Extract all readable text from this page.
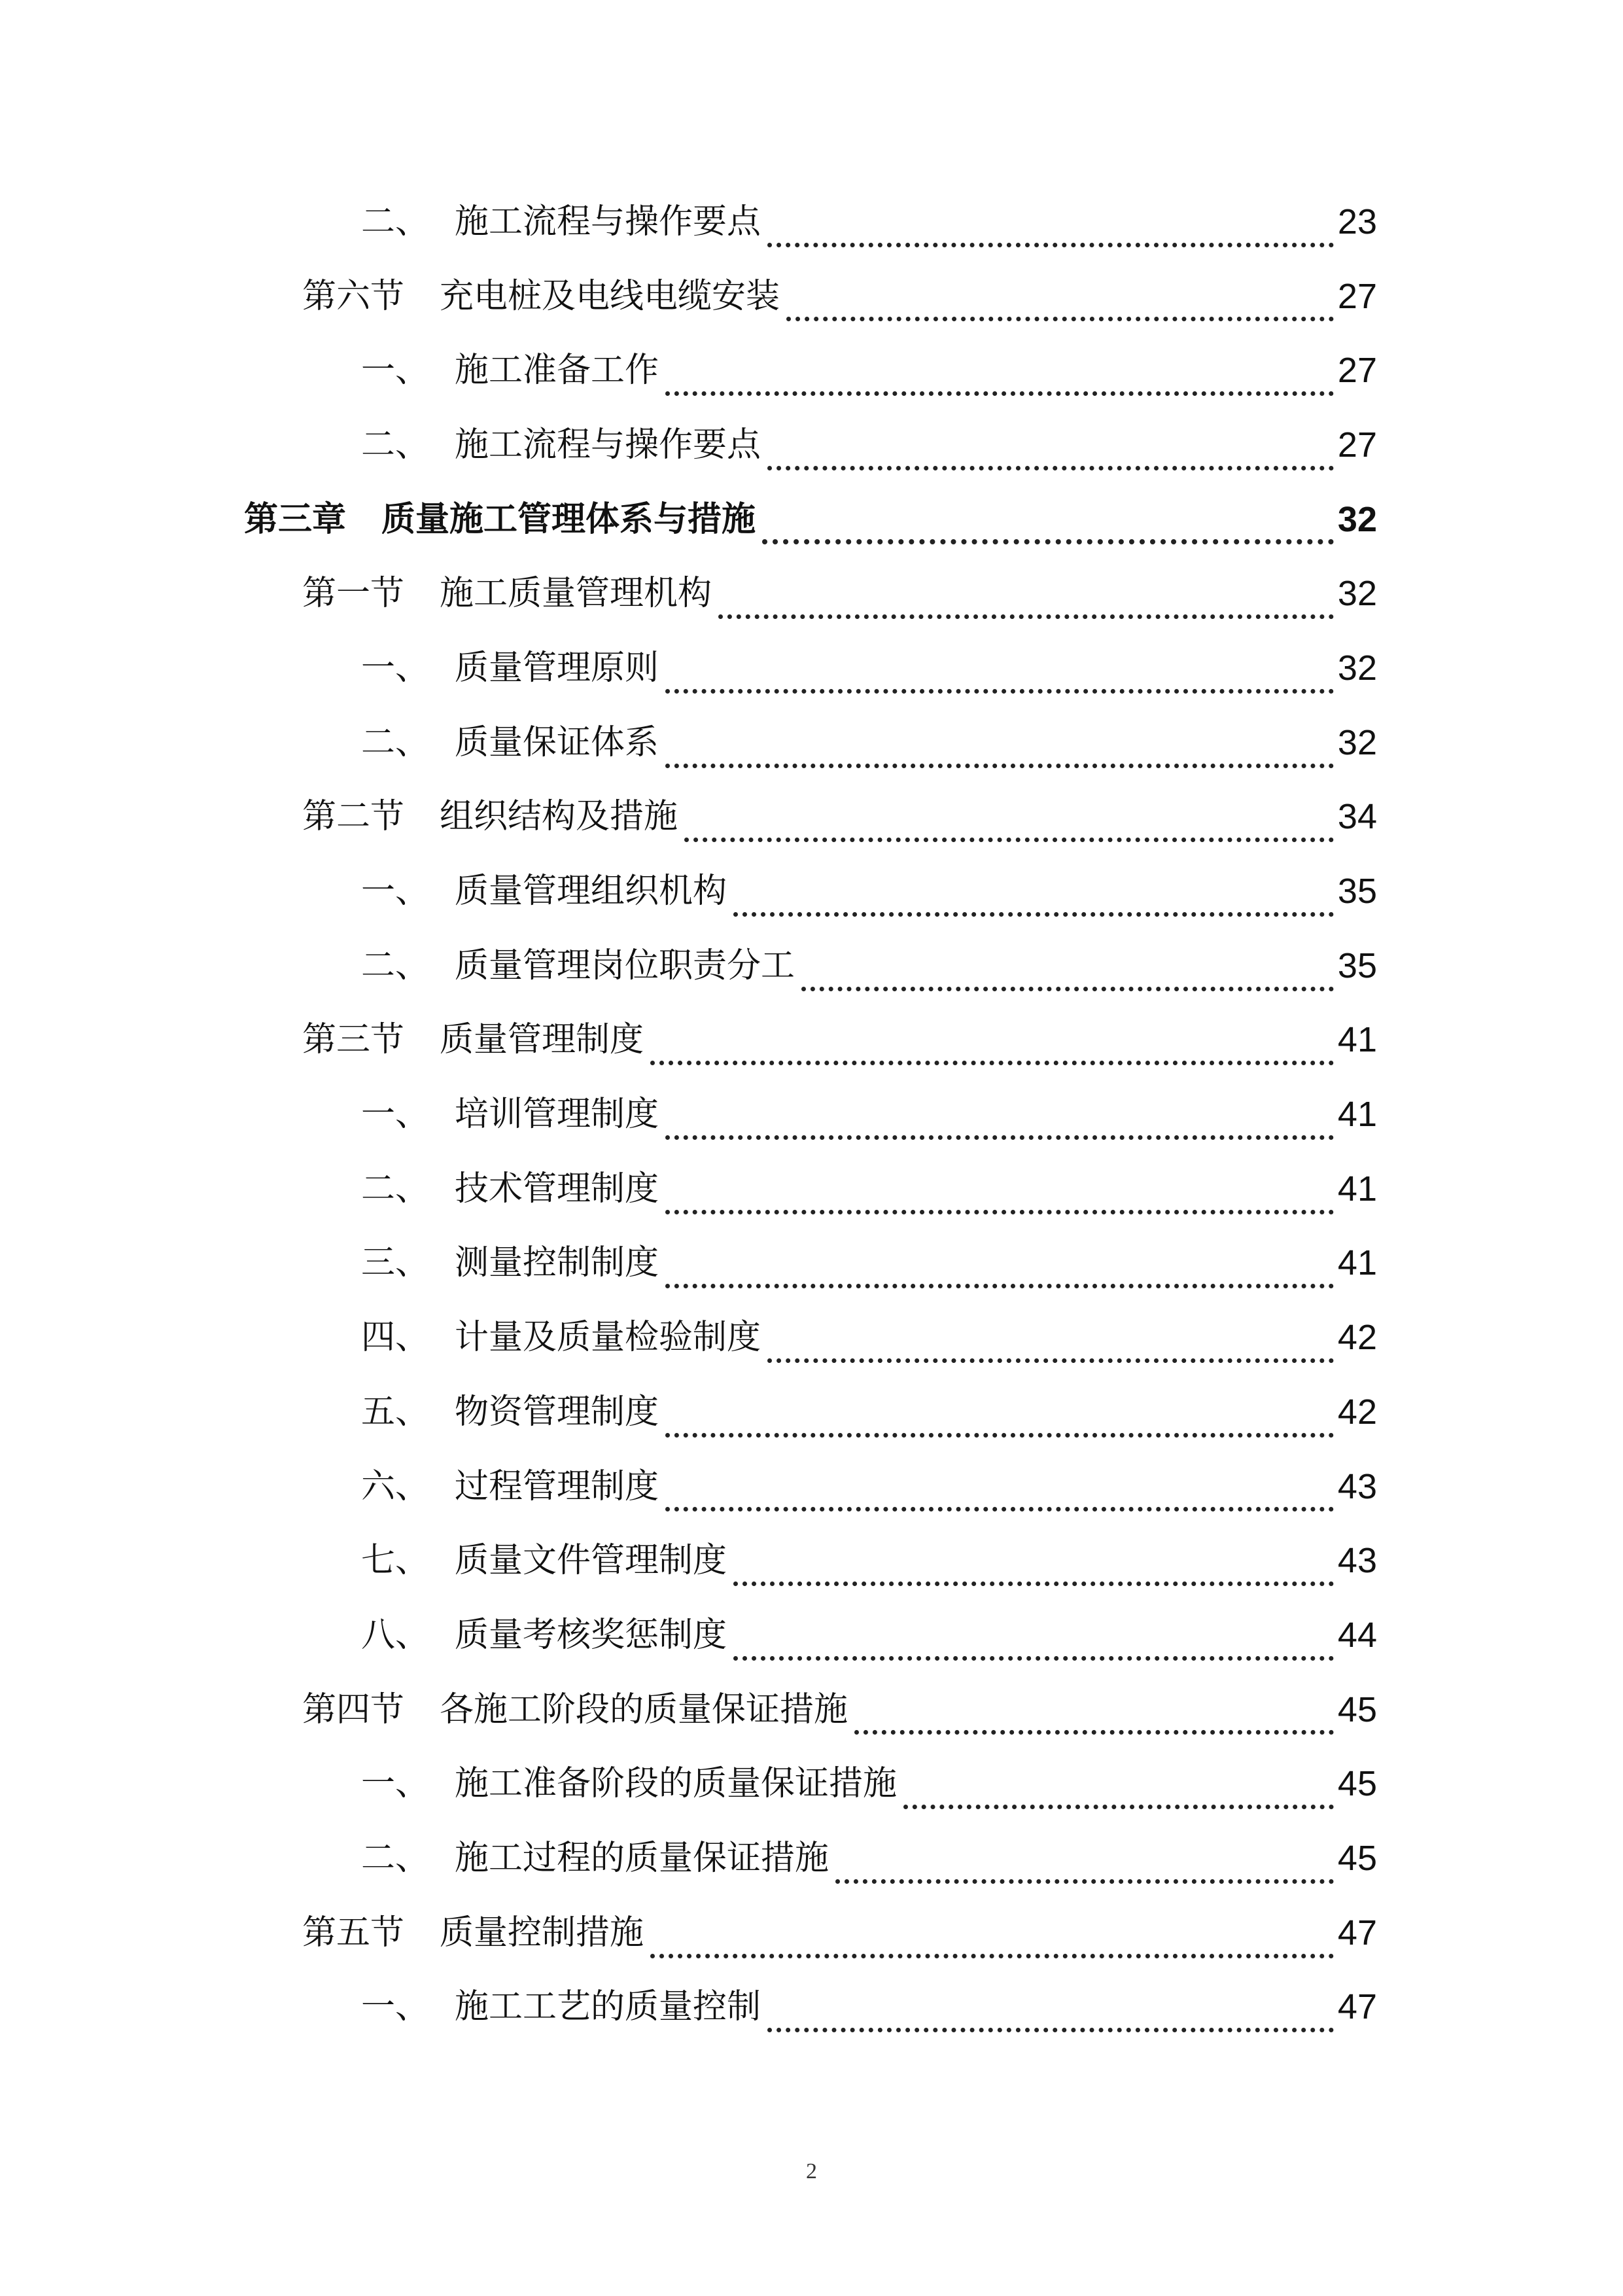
二、 施工流程与操作要点	23
第六节	充电桩及电线电缆安装	27
一、 施工准备工作	27
二、 施工流程与操作要点	27
第三章	质量施工管理体系与措施	32
第一节	施工质量管理机构	32
一、 质量管理原则	32
二、 质量保证体系	32
第二节	组织结构及措施	34
一、 质量管理组织机构	35
二、 质量管理岗位职责分工	35
第三节	质量管理制度	41
一、 培训管理制度	41
二、 技术管理制度	41
三、 测量控制制度	41
四、 计量及质量检验制度	42
五、 物资管理制度	42
六、 过程管理制度	43
七、 质量文件管理制度	43
八、 质量考核奖惩制度	44
第四节	各施工阶段的质量保证措施	45
一、 施工准备阶段的质量保证措施	45
二、 施工过程的质量保证措施	45
第五节	质量控制措施	47
一、 施工工艺的质量控制	47
2
